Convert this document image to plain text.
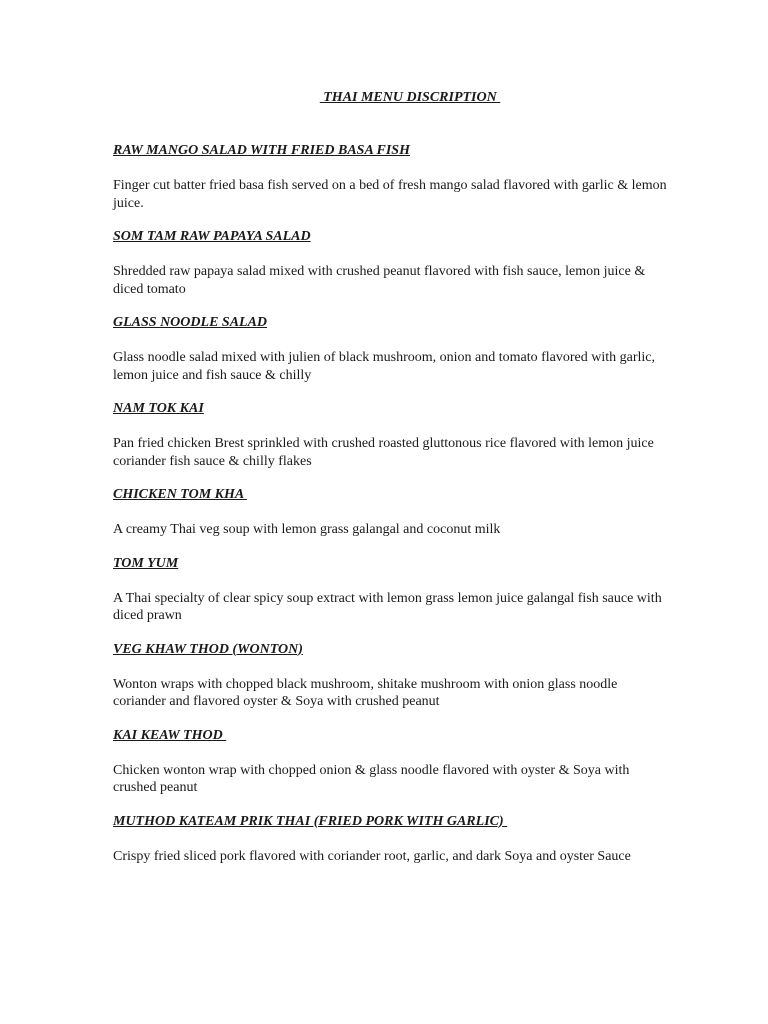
THAI MENU DISCRIPTION

RAW MANGO SALAD WITH FRIED BASA FISH

Finger cut batter fried basa fish served on a bed of fresh mango salad flavored with garlic & lemon juice.

SOM TAM RAW PAPAYA SALAD

Shredded raw papaya salad mixed with crushed peanut flavored with fish sauce, lemon juice & diced tomato

GLASS NOODLE SALAD

Glass noodle salad mixed with julien of black mushroom, onion and tomato flavored with garlic, lemon juice and fish sauce & chilly

NAM TOK KAI

Pan fried chicken Brest sprinkled with crushed roasted gluttonous rice flavored with lemon juice coriander fish sauce & chilly flakes

CHICKEN TOM KHA

A creamy Thai veg soup with lemon grass galangal and coconut milk

TOM YUM

A Thai specialty of clear spicy soup extract with lemon grass lemon juice galangal fish sauce with diced prawn

VEG KHAW THOD (WONTON)

Wonton wraps with chopped black mushroom, shitake mushroom with onion glass noodle coriander and flavored oyster & Soya with crushed peanut

KAI KEAW THOD

Chicken wonton wrap with chopped onion & glass noodle flavored with oyster & Soya with crushed peanut

MUTHOD KATEAM PRIK THAI (FRIED PORK WITH GARLIC)

Crispy fried sliced pork flavored with coriander root, garlic, and dark Soya and oyster Sauce
